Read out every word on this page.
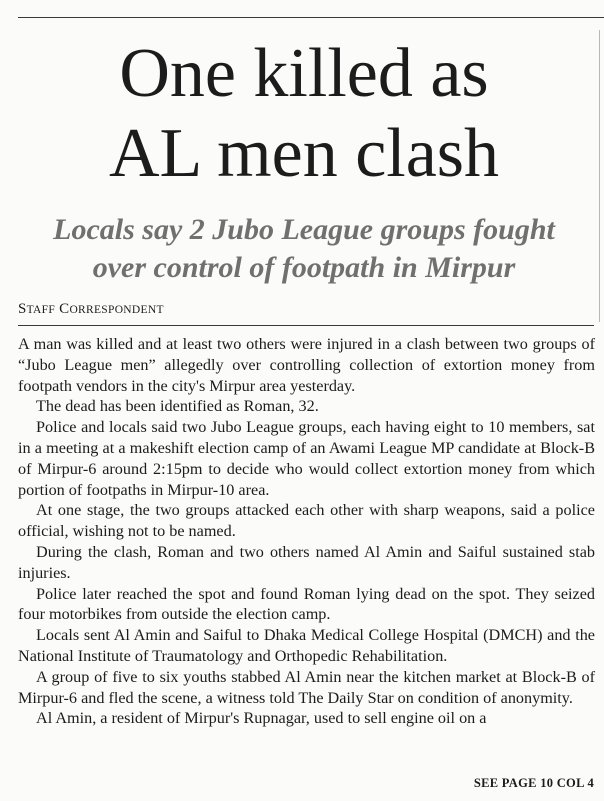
One killed as
AL men clash
Locals say 2 Jubo League groups fought
over control of footpath in Mirpur
STAFF CORRESPONDENT

A man was killed and at least two others were injured in a clash between two groups of “Jubo League men” allegedly over controlling collection of extortion money from footpath vendors in the city's Mirpur area yesterday.

The dead has been identified as Roman, 32.

Police and locals said two Jubo League groups, each having eight to 10 members, sat in a meeting at a makeshift election camp of an Awami League MP candidate at Block-B of Mirpur-6 around 2:15pm to decide who would collect extortion money from which portion of footpaths in Mirpur-10 area.

At one stage, the two groups attacked each other with sharp weapons, said a police official, wishing not to be named.

During the clash, Roman and two others named Al Amin and Saiful sustained stab injuries.

Police later reached the spot and found Roman lying dead on the spot. They seized four motorbikes from outside the election camp.

Locals sent Al Amin and Saiful to Dhaka Medical College Hospital (DMCH) and the National Institute of Traumatology and Orthopedic Rehabilitation.

A group of five to six youths stabbed Al Amin near the kitchen market at Block-B of Mirpur-6 and fled the scene, a witness told The Daily Star on condition of anonymity.

Al Amin, a resident of Mirpur's Rupnagar, used to sell engine oil on a

SEE PAGE 10 COL 4
